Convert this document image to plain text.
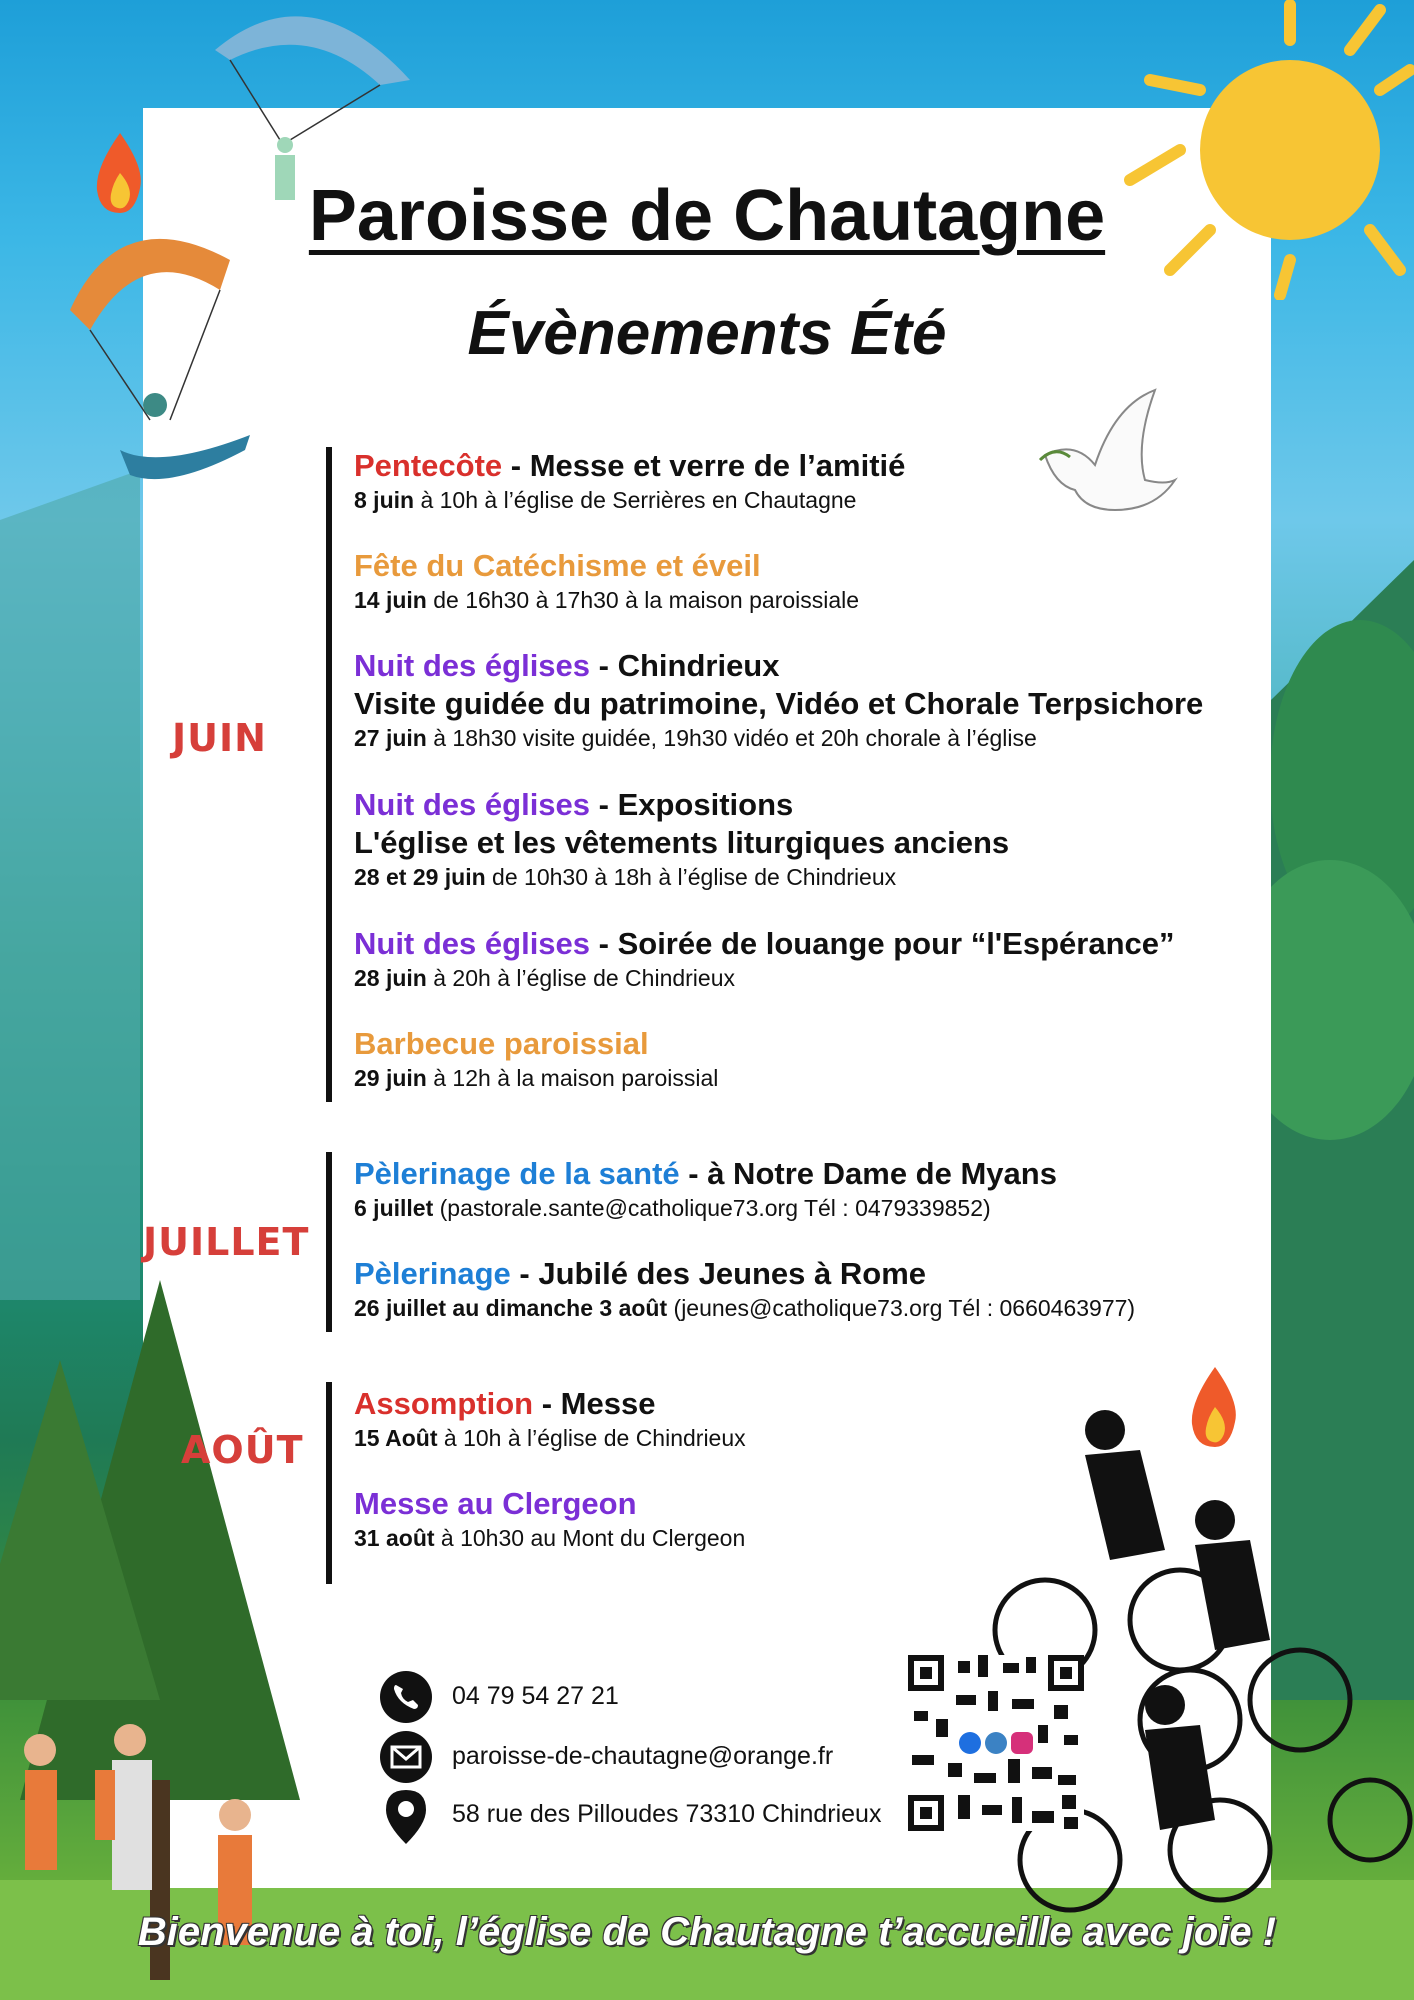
Paroisse de Chautagne
Évènements Été
JUIN
JUILLET
AOÛT
Pentecôte - Messe et verre de l’amitié
8 juin à 10h à l’église de Serrières en Chautagne
Fête du Catéchisme et éveil
14 juin de 16h30 à 17h30 à la maison paroissiale
Nuit des églises - Chindrieux
Visite guidée du patrimoine, Vidéo et Chorale Terpsichore
27 juin à 18h30 visite guidée, 19h30 vidéo et 20h chorale à l’église
Nuit des églises - Expositions
L'église et les vêtements liturgiques anciens
28 et 29 juin de 10h30 à 18h à l’église de Chindrieux
Nuit des églises - Soirée de louange pour “l'Espérance”
28 juin à 20h à l’église de Chindrieux
Barbecue paroissial
29 juin à 12h à la maison paroissial
Pèlerinage de la santé - à Notre Dame de Myans
6 juillet (pastorale.sante@catholique73.org Tél : 0479339852)
Pèlerinage - Jubilé des Jeunes à Rome
26 juillet au dimanche 3 août (jeunes@catholique73.org Tél : 0660463977)
Assomption - Messe
15 Août à 10h à l’église de Chindrieux
Messe au Clergeon
31 août à 10h30 au Mont du Clergeon
04 79 54 27 21
paroisse-de-chautagne@orange.fr
58 rue des Pilloudes 73310 Chindrieux
Bienvenue à toi, l’église de Chautagne t’accueille avec joie !
